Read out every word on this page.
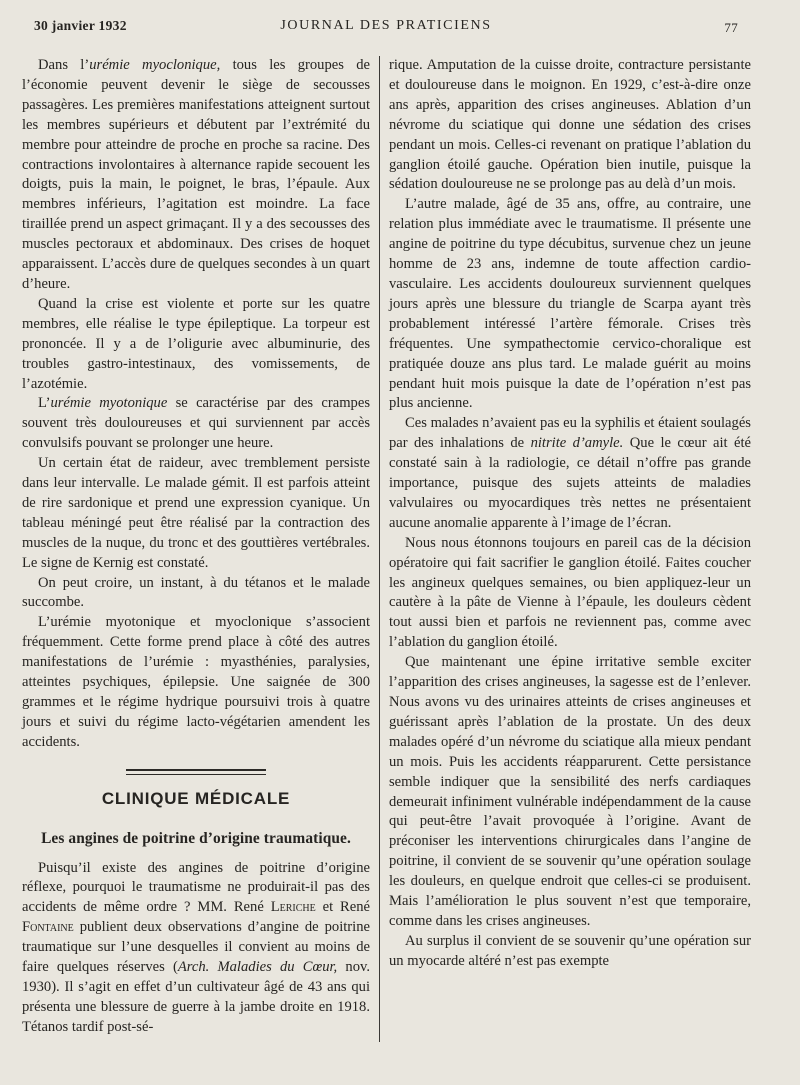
30 janvier 1932	JOURNAL DES PRATICIENS	77

Dans l’urémie myoclonique, tous les groupes de l’économie peuvent devenir le siège de secousses passagères. Les premières manifestations atteignent surtout les membres supérieurs et débutent par l’extrémité du membre pour atteindre de proche en proche sa racine. Des contractions involontaires à alternance rapide secouent les doigts, puis la main, le poignet, le bras, l’épaule. Aux membres inférieurs, l’agitation est moindre. La face tiraillée prend un aspect grimaçant. Il y a des secousses des muscles pectoraux et abdominaux. Des crises de hoquet apparaissent. L’accès dure de quelques secondes à un quart d’heure.

Quand la crise est violente et porte sur les quatre membres, elle réalise le type épileptique. La torpeur est prononcée. Il y a de l’oligurie avec albuminurie, des troubles gastro-intestinaux, des vomissements, de l’azotémie.

L’urémie myotonique se caractérise par des crampes souvent très douloureuses et qui surviennent par accès convulsifs pouvant se prolonger une heure.

Un certain état de raideur, avec tremblement persiste dans leur intervalle. Le malade gémit. Il est parfois atteint de rire sardonique et prend une expression cyanique. Un tableau méningé peut être réalisé par la contraction des muscles de la nuque, du tronc et des gouttières vertébrales. Le signe de Kernig est constaté.

On peut croire, un instant, à du tétanos et le malade succombe.

L’urémie myotonique et myoclonique s’associent fréquemment. Cette forme prend place à côté des autres manifestations de l’urémie : myasthénies, paralysies, atteintes psychiques, épilepsie. Une saignée de 300 grammes et le régime hydrique poursuivi trois à quatre jours et suivi du régime lacto-végétarien amendent les accidents.

CLINIQUE MÉDICALE
Les angines de poitrine d’origine traumatique.

Puisqu’il existe des angines de poitrine d’origine réflexe, pourquoi le traumatisme ne produirait-il pas des accidents de même ordre ? MM. René Leriche et René Fontaine publient deux observations d’angine de poitrine traumatique sur l’une desquelles il convient au moins de faire quelques réserves (Arch. Maladies du Cœur, nov. 1930). Il s’agit en effet d’un cultivateur âgé de 43 ans qui présenta une blessure de guerre à la jambe droite en 1918. Tétanos tardif post-sé-

rique. Amputation de la cuisse droite, contracture persistante et douloureuse dans le moignon. En 1929, c’est-à-dire onze ans après, apparition des crises angineuses. Ablation d’un névrome du sciatique qui donne une sédation des crises pendant un mois. Celles-ci revenant on pratique l’ablation du ganglion étoilé gauche. Opération bien inutile, puisque la sédation douloureuse ne se prolonge pas au delà d’un mois.

L’autre malade, âgé de 35 ans, offre, au contraire, une relation plus immédiate avec le traumatisme. Il présente une angine de poitrine du type décubitus, survenue chez un jeune homme de 23 ans, indemne de toute affection cardio-vasculaire. Les accidents douloureux surviennent quelques jours après une blessure du triangle de Scarpa ayant très probablement intéressé l’artère fémorale. Crises très fréquentes. Une sympathectomie cervico-choralique est pratiquée douze ans plus tard. Le malade guérit au moins pendant huit mois puisque la date de l’opération n’est pas plus ancienne.

Ces malades n’avaient pas eu la syphilis et étaient soulagés par des inhalations de nitrite d’amyle. Que le cœur ait été constaté sain à la radiologie, ce détail n’offre pas grande importance, puisque des sujets atteints de maladies valvulaires ou myocardiques très nettes ne présentaient aucune anomalie apparente à l’image de l’écran.

Nous nous étonnons toujours en pareil cas de la décision opératoire qui fait sacrifier le ganglion étoilé. Faites coucher les angineux quelques semaines, ou bien appliquez-leur un cautère à la pâte de Vienne à l’épaule, les douleurs cèdent tout aussi bien et parfois ne reviennent pas, comme avec l’ablation du ganglion étoilé.

Que maintenant une épine irritative semble exciter l’apparition des crises angineuses, la sagesse est de l’enlever. Nous avons vu des urinaires atteints de crises angineuses et guérissant après l’ablation de la prostate. Un des deux malades opéré d’un névrome du sciatique alla mieux pendant un mois. Puis les accidents réapparurent. Cette persistance semble indiquer que la sensibilité des nerfs cardiaques demeurait infiniment vulnérable indépendamment de la cause qui peut-être l’avait provoquée à l’origine. Avant de préconiser les interventions chirurgicales dans l’angine de poitrine, il convient de se souvenir qu’une opération soulage les douleurs, en quelque endroit que celles-ci se produisent. Mais l’amélioration le plus souvent n’est que temporaire, comme dans les crises angineuses.

Au surplus il convient de se souvenir qu’une opération sur un myocarde altéré n’est pas exempte
